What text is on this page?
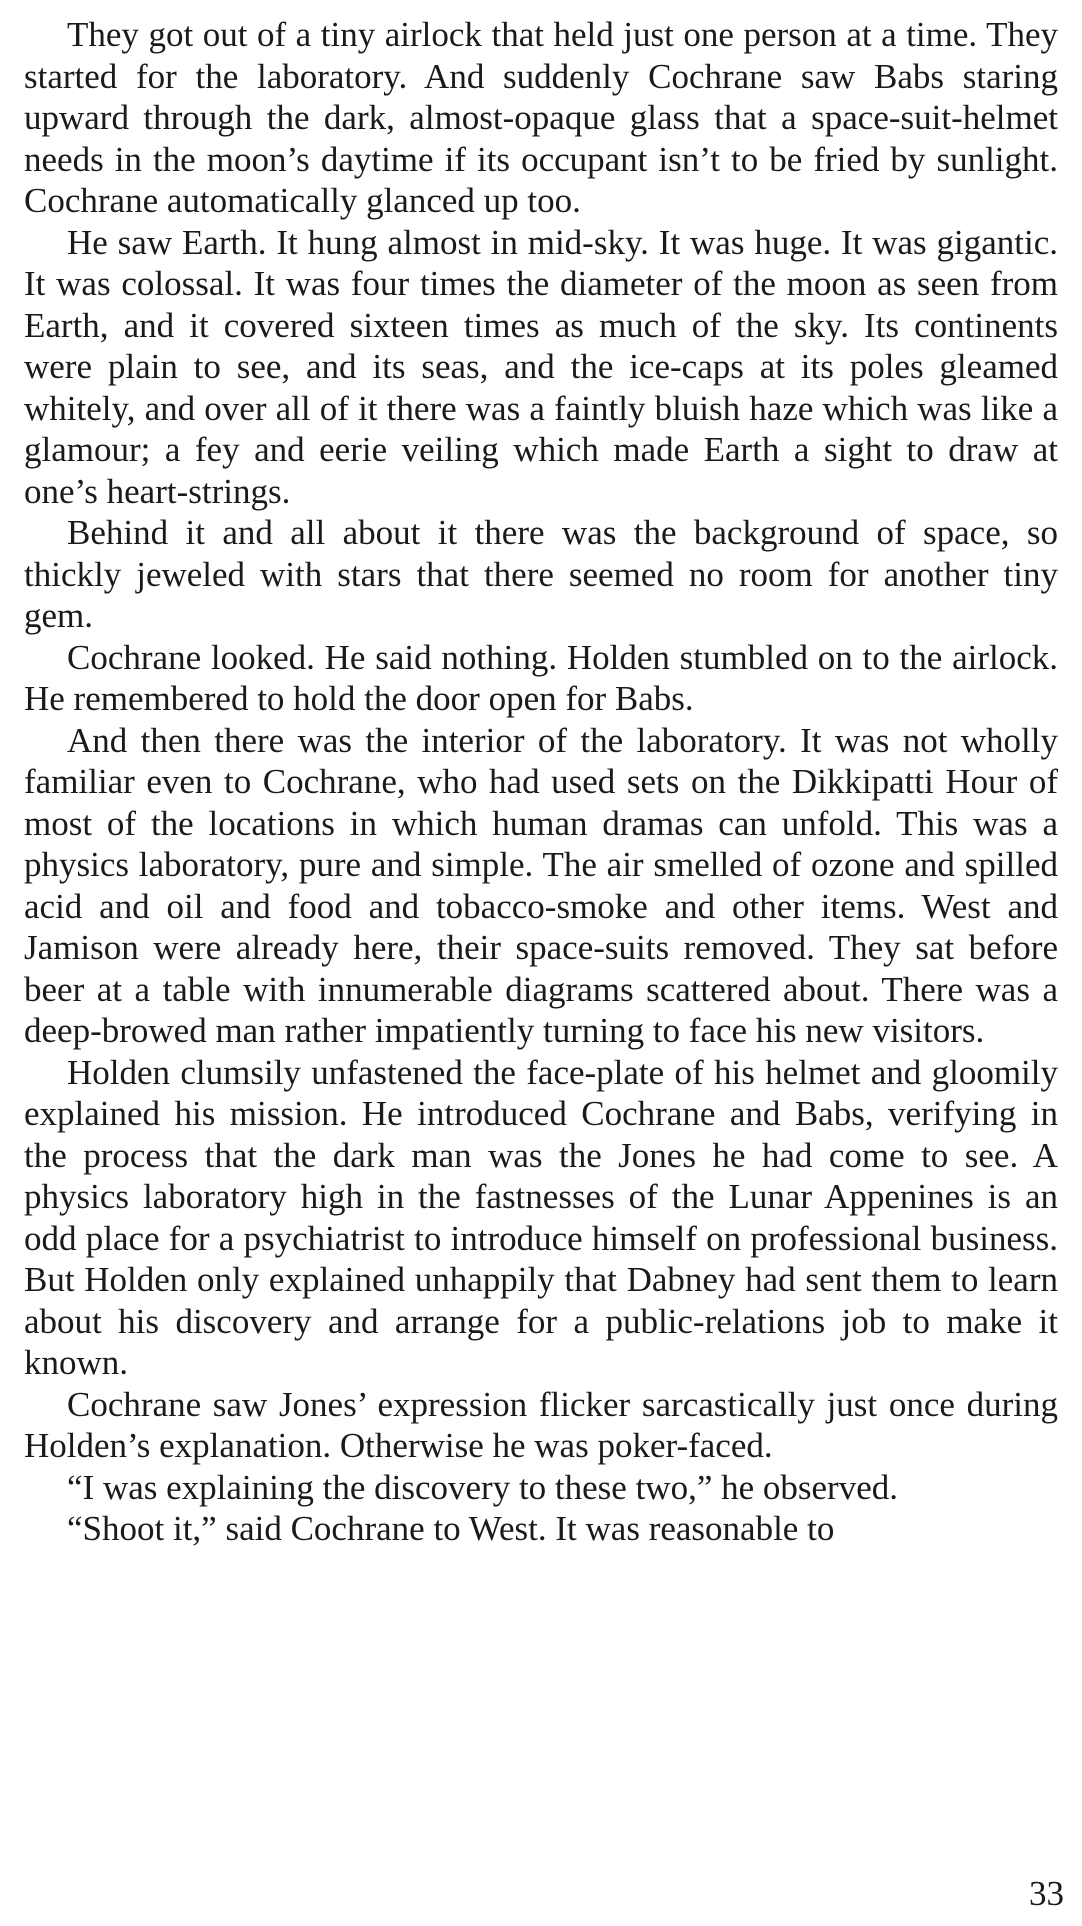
They got out of a tiny airlock that held just one person at a time. They started for the laboratory. And suddenly Cochrane saw Babs staring upward through the dark, almost-opaque glass that a space-suit-helmet needs in the moon’s daytime if its occupant isn’t to be fried by sunlight. Cochrane automatically glanced up too.

He saw Earth. It hung almost in mid-sky. It was huge. It was gigantic. It was colossal. It was four times the diameter of the moon as seen from Earth, and it covered sixteen times as much of the sky. Its continents were plain to see, and its seas, and the ice-caps at its poles gleamed whitely, and over all of it there was a faintly bluish haze which was like a glamour; a fey and eerie veiling which made Earth a sight to draw at one’s heart-strings.

Behind it and all about it there was the background of space, so thickly jeweled with stars that there seemed no room for another tiny gem.

Cochrane looked. He said nothing. Holden stumbled on to the airlock. He remembered to hold the door open for Babs.

And then there was the interior of the laboratory. It was not wholly familiar even to Cochrane, who had used sets on the Dikkipatti Hour of most of the locations in which human dramas can unfold. This was a physics laboratory, pure and simple. The air smelled of ozone and spilled acid and oil and food and tobacco-smoke and other items. West and Jamison were already here, their space-suits removed. They sat before beer at a table with innumerable diagrams scattered about. There was a deep-browed man rather impatiently turning to face his new visitors.

Holden clumsily unfastened the face-plate of his helmet and gloomily explained his mission. He introduced Cochrane and Babs, verifying in the process that the dark man was the Jones he had come to see. A physics laboratory high in the fastnesses of the Lunar Appenines is an odd place for a psychiatrist to introduce himself on professional business. But Holden only explained unhappily that Dabney had sent them to learn about his discovery and arrange for a public-relations job to make it known.

Cochrane saw Jones’ expression flicker sarcastically just once during Holden’s explanation. Otherwise he was poker-faced.

“I was explaining the discovery to these two,” he observed.

“Shoot it,” said Cochrane to West. It was reasonable to

33
